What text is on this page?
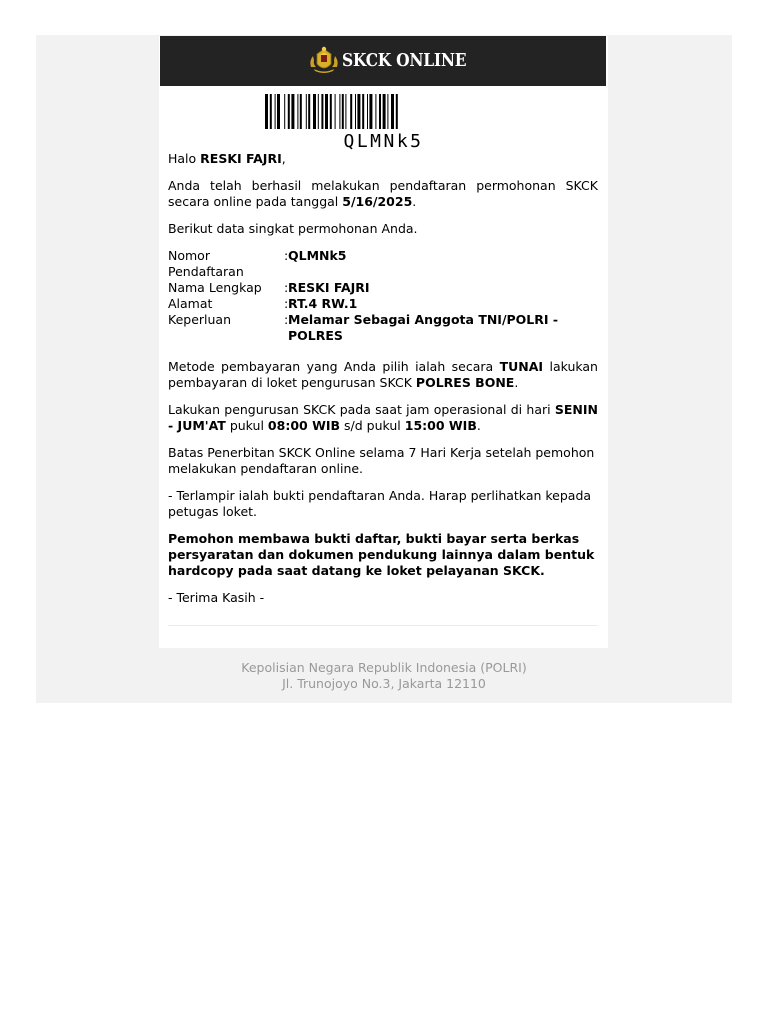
SKCK ONLINE
QLMNk5

Halo RESKI FAJRI,

Anda telah berhasil melakukan pendaftaran permohonan SKCK secara online pada tanggal 5/16/2025.

Berikut data singkat permohonan Anda.

Nomor Pendaftaran
: QLMNk5
Nama Lengkap	: RESKI FAJRI
Alamat	: RT.4 RW.1
Keperluan	: Melamar Sebagai Anggota TNI/POLRI - POLRES

Metode pembayaran yang Anda pilih ialah secara TUNAI lakukan pembayaran di loket pengurusan SKCK POLRES BONE.

Lakukan pengurusan SKCK pada saat jam operasional di hari SENIN - JUM'AT pukul 08:00 WIB s/d pukul 15:00 WIB.

Batas Penerbitan SKCK Online selama 7 Hari Kerja setelah pemohon melakukan pendaftaran online.

- Terlampir ialah bukti pendaftaran Anda. Harap perlihatkan kepada petugas loket.

Pemohon membawa bukti daftar, bukti bayar serta berkas persyaratan dan dokumen pendukung lainnya dalam bentuk hardcopy pada saat datang ke loket pelayanan SKCK.

- Terima Kasih -

Kepolisian Negara Republik Indonesia (POLRI)
Jl. Trunojoyo No.3, Jakarta 12110
